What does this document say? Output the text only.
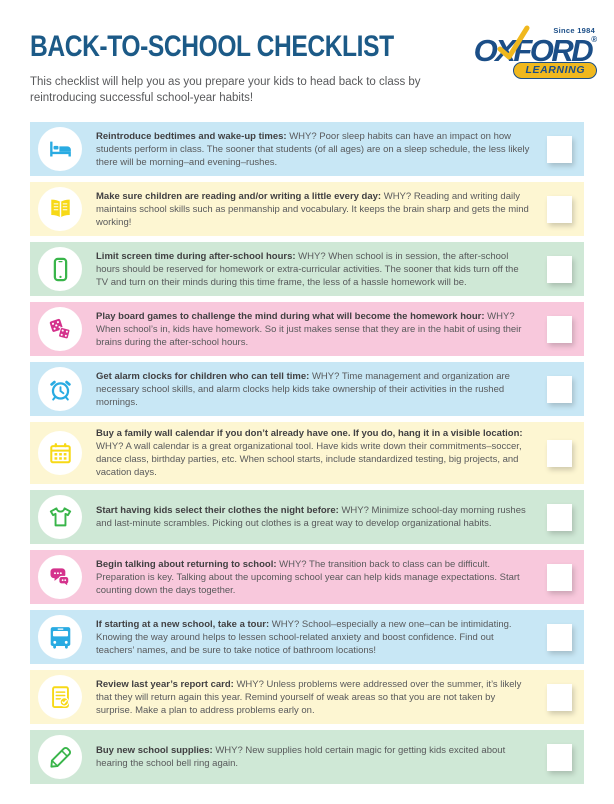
BACK-TO-SCHOOL CHECKLIST

This checklist will help you as you prepare your kids to head back to class by reintroducing successful school-year habits!

Since 1984
OXFORD®
LEARNING

Reintroduce bedtimes and wake-up times: WHY? Poor sleep habits can have an impact on how students perform in class. The sooner that students (of all ages) are on a sleep schedule, the less likely there will be morning–and evening–rushes.

Make sure children are reading and/or writing a little every day: WHY? Reading and writing daily maintains school skills such as penmanship and vocabulary. It keeps the brain sharp and gets the mind working!

Limit screen time during after-school hours: WHY? When school is in session, the after-school hours should be reserved for homework or extra-curricular activities. The sooner that kids turn off the TV and turn on their minds during this time frame, the less of a hassle homework will be.

Play board games to challenge the mind during what will become the homework hour: WHY? When school’s in, kids have homework. So it just makes sense that they are in the habit of using their brains during the after-school hours.

Get alarm clocks for children who can tell time: WHY? Time management and organization are necessary school skills, and alarm clocks help kids take ownership of their activities in the rushed mornings.

Buy a family wall calendar if you don’t already have one. If you do, hang it in a visible location: WHY? A wall calendar is a great organizational tool. Have kids write down their commitments–soccer, dance class, birthday parties, etc. When school starts, include standardized testing, big projects, and vacation days.

Start having kids select their clothes the night before: WHY? Minimize school-day morning rushes and last-minute scrambles. Picking out clothes is a great way to develop organizational habits.

Begin talking about returning to school: WHY? The transition back to class can be difficult. Preparation is key. Talking about the upcoming school year can help kids manage expectations. Start counting down the days together.

If starting at a new school, take a tour: WHY? School–especially a new one–can be intimidating. Knowing the way around helps to lessen school-related anxiety and boost confidence. Find out teachers’ names, and be sure to take notice of bathroom locations!

Review last year’s report card: WHY? Unless problems were addressed over the summer, it’s likely that they will return again this year. Remind yourself of weak areas so that you are not taken by surprise. Make a plan to address problems early on.

Buy new school supplies: WHY? New supplies hold certain magic for getting kids excited about hearing the school bell ring again.
